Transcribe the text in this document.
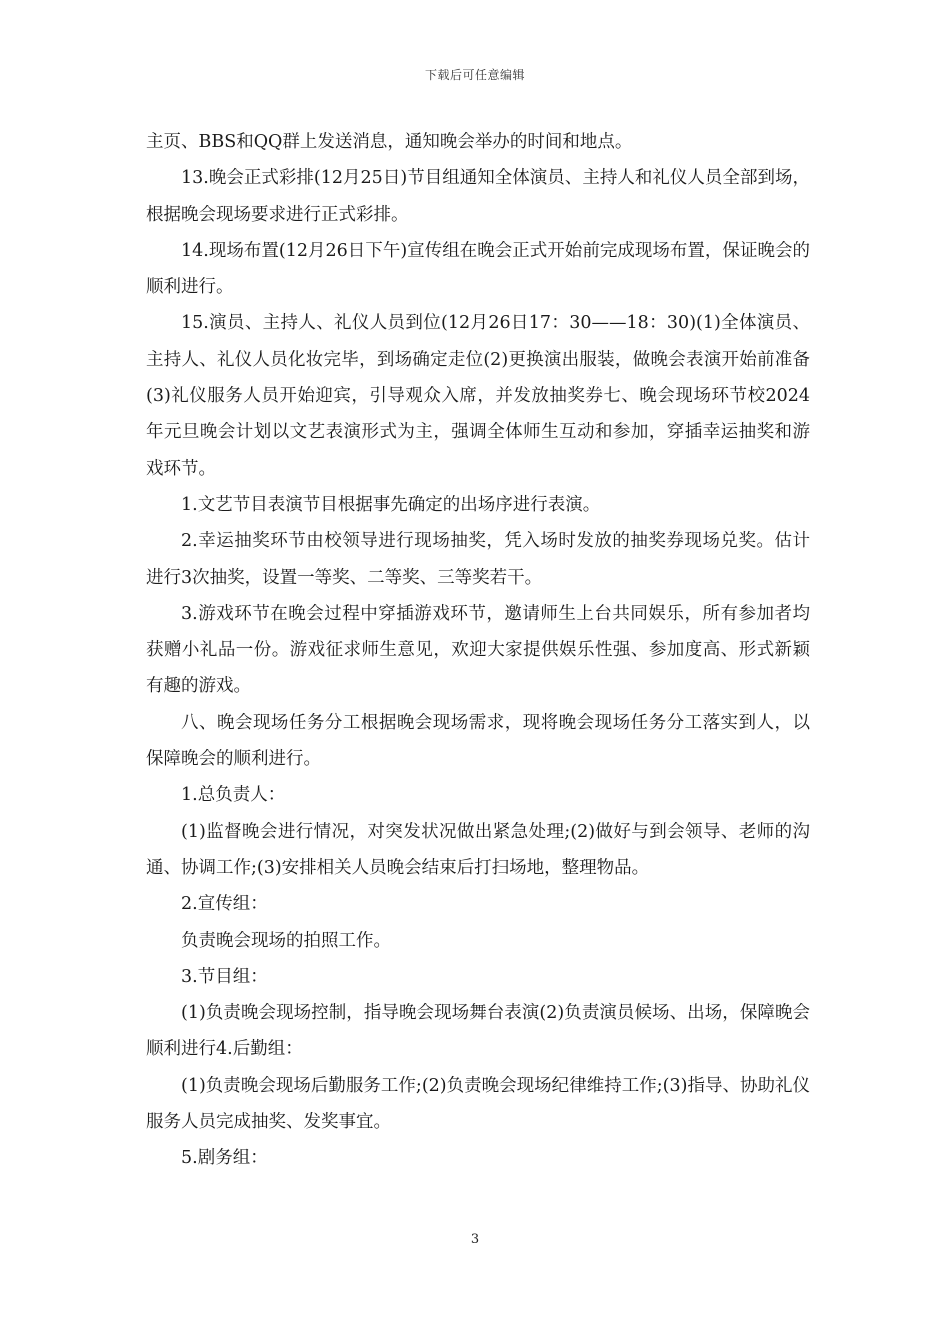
下载后可任意编辑

主页、BBS和QQ群上发送消息，通知晚会举办的时间和地点。

13.晚会正式彩排(12月25日)节目组通知全体演员、主持人和礼仪人员全部到场，根据晚会现场要求进行正式彩排。

14.现场布置(12月26日下午)宣传组在晚会正式开始前完成现场布置，保证晚会的顺利进行。

15.演员、主持人、礼仪人员到位(12月26日17：30——18：30)(1)全体演员、主持人、礼仪人员化妆完毕，到场确定走位(2)更换演出服装，做晚会表演开始前准备(3)礼仪服务人员开始迎宾，引导观众入席，并发放抽奖券七、晚会现场环节校2024年元旦晚会计划以文艺表演形式为主，强调全体师生互动和参加，穿插幸运抽奖和游戏环节。

1.文艺节目表演节目根据事先确定的出场序进行表演。

2.幸运抽奖环节由校领导进行现场抽奖，凭入场时发放的抽奖券现场兑奖。估计进行3次抽奖，设置一等奖、二等奖、三等奖若干。

3.游戏环节在晚会过程中穿插游戏环节，邀请师生上台共同娱乐，所有参加者均获赠小礼品一份。游戏征求师生意见，欢迎大家提供娱乐性强、参加度高、形式新颖有趣的游戏。

八、晚会现场任务分工根据晚会现场需求，现将晚会现场任务分工落实到人，以保障晚会的顺利进行。

1.总负责人：

(1)监督晚会进行情况，对突发状况做出紧急处理;(2)做好与到会领导、老师的沟通、协调工作;(3)安排相关人员晚会结束后打扫场地，整理物品。

2.宣传组：

负责晚会现场的拍照工作。

3.节目组：

(1)负责晚会现场控制，指导晚会现场舞台表演(2)负责演员候场、出场，保障晚会顺利进行4.后勤组：

(1)负责晚会现场后勤服务工作;(2)负责晚会现场纪律维持工作;(3)指导、协助礼仪服务人员完成抽奖、发奖事宜。

5.剧务组：

3
